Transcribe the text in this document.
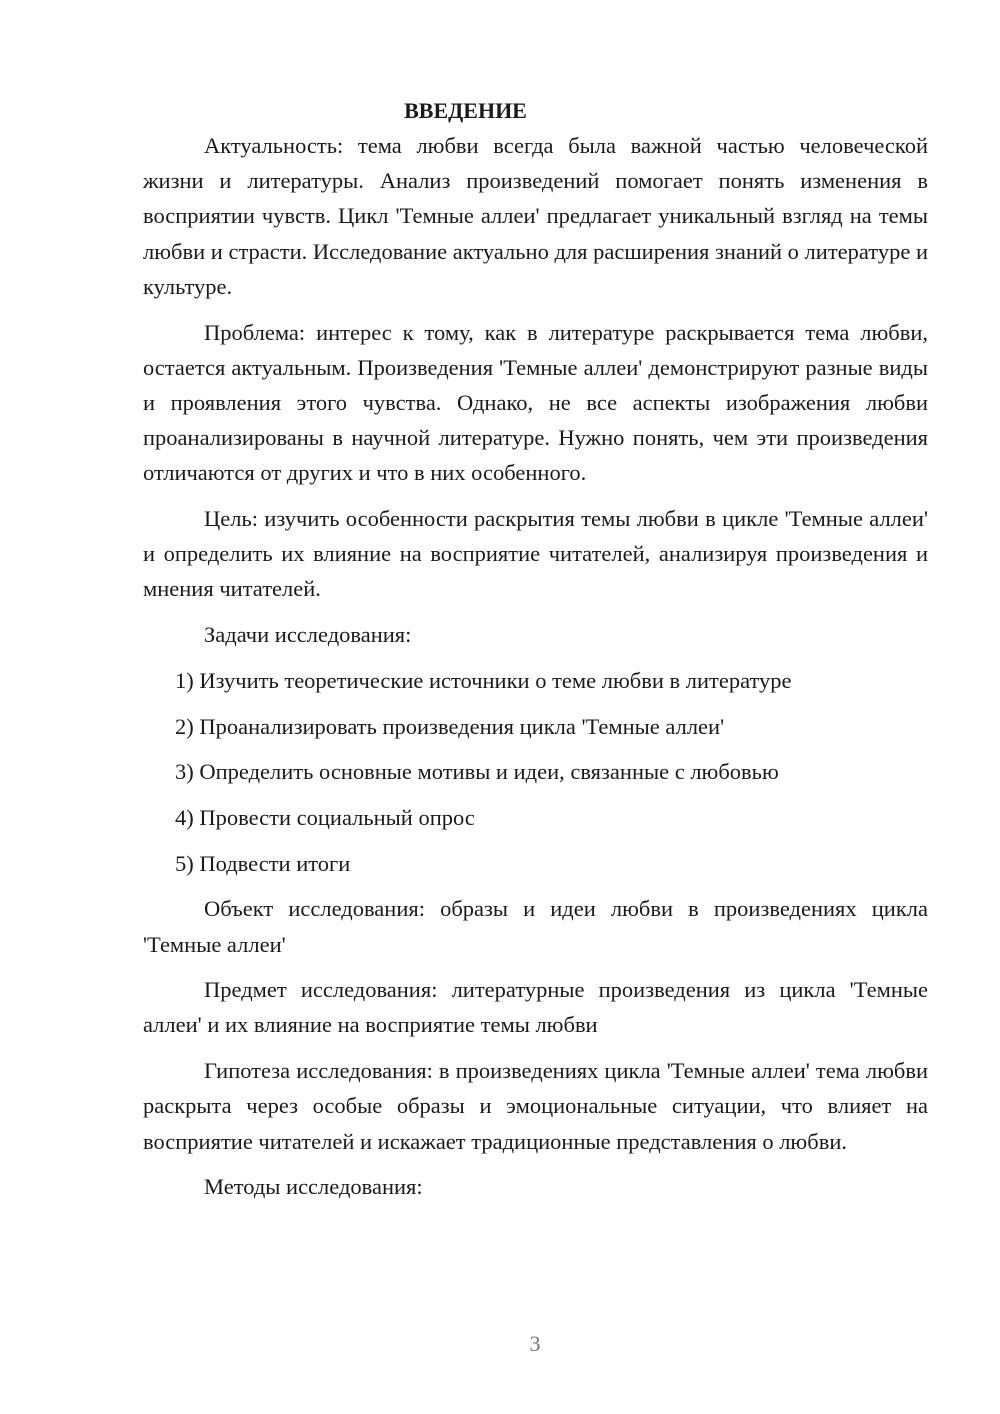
ВВЕДЕНИЕ

Актуальность: тема любви всегда была важной частью человеческой жизни и литературы. Анализ произведений помогает понять изменения в восприятии чувств. Цикл 'Темные аллеи' предлагает уникальный взгляд на темы любви и страсти. Исследование актуально для расширения знаний о литературе и культуре.

Проблема: интерес к тому, как в литературе раскрывается тема любви, остается актуальным. Произведения 'Темные аллеи' демонстрируют разные виды и проявления этого чувства. Однако, не все аспекты изображения любви проанализированы в научной литературе. Нужно понять, чем эти произведения отличаются от других и что в них особенного.

Цель: изучить особенности раскрытия темы любви в цикле 'Темные аллеи' и определить их влияние на восприятие читателей, анализируя произведения и мнения читателей.

Задачи исследования:

1) Изучить теоретические источники о теме любви в литературе

2) Проанализировать произведения цикла 'Темные аллеи'

3) Определить основные мотивы и идеи, связанные с любовью

4) Провести социальный опрос

5) Подвести итоги

Объект исследования: образы и идеи любви в произведениях цикла 'Темные аллеи'

Предмет исследования: литературные произведения из цикла 'Темные аллеи' и их влияние на восприятие темы любви

Гипотеза исследования: в произведениях цикла 'Темные аллеи' тема любви раскрыта через особые образы и эмоциональные ситуации, что влияет на восприятие читателей и искажает традиционные представления о любви.

Методы исследования:

3
